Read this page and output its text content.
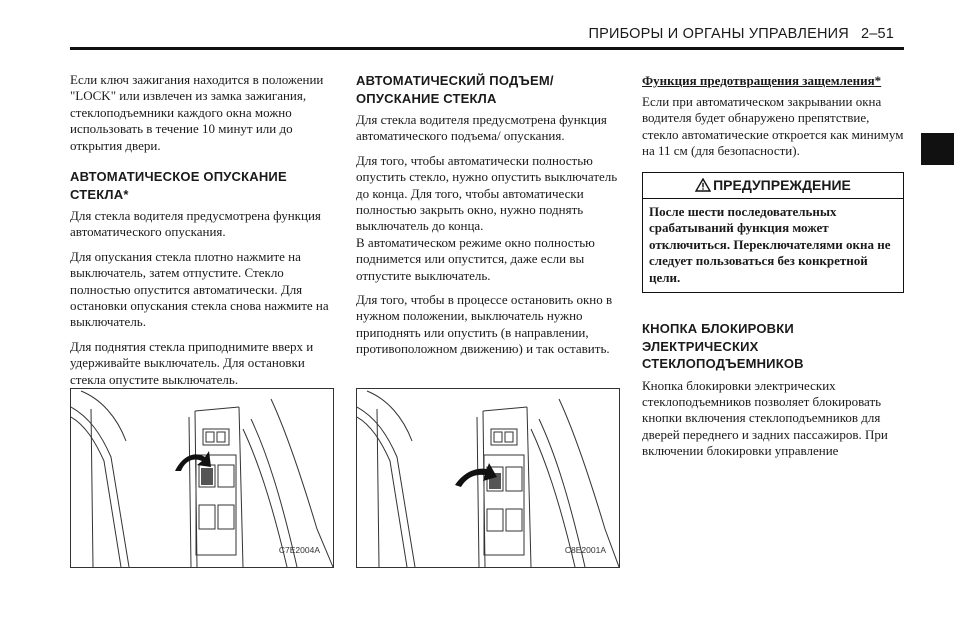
ПРИБОРЫ И ОРГАНЫ УПРАВЛЕНИЯ 2–51

Если ключ зажигания находится в положении "LOCK" или извлечен из замка зажигания, стеклоподъемники каждого окна можно использовать в течение 10 минут или до открытия двери.

АВТОМАТИЧЕСКОЕ ОПУСКАНИЕ СТЕКЛА*

Для стекла водителя предусмотрена функция автоматического опускания.

Для опускания стекла плотно нажмите на выключатель, затем отпустите. Стекло полностью опустится автоматически. Для остановки опускания стекла снова нажмите на выключатель.

Для поднятия стекла приподнимите вверх и удерживайте выключатель. Для остановки стекла опустите выключатель.

АВТОМАТИЧЕСКИЙ ПОДЪЕМ/ ОПУСКАНИЕ СТЕКЛА

Для стекла водителя предусмотрена функция автоматического подъема/ опускания.

Для того, чтобы автоматически полностью опустить стекло, нужно опустить выключатель до конца. Для того, чтобы автоматически полностью закрыть окно, нужно поднять выключатель до конца.

В автоматическом режиме окно полностью поднимется или опустится, даже если вы отпустите выключатель.

Для того, чтобы в процессе остановить окно в нужном положении, выключатель нужно приподнять или опустить (в направлении, противоположном движению) и так оставить.

Функция предотвращения защемления*

Если при автоматическом закрывании окна водителя будет обнаружено препятствие, стекло автоматические откроется как минимум на 11 см (для безопасности).

ПРЕДУПРЕЖДЕНИЕ
После шести последовательных срабатываний функция может отключиться. Переключателями окна не следует пользоваться без конкретной цели.
КНОПКА БЛОКИРОВКИ ЭЛЕКТРИЧЕСКИХ СТЕКЛОПОДЪЕМНИКОВ

Кнопка блокировки электрических стеклоподъемников позволяет блокировать кнопки включения стеклоподъемников для дверей переднего и задних пассажиров. При включении блокировки управление

C7E2004A	C8E2001A
